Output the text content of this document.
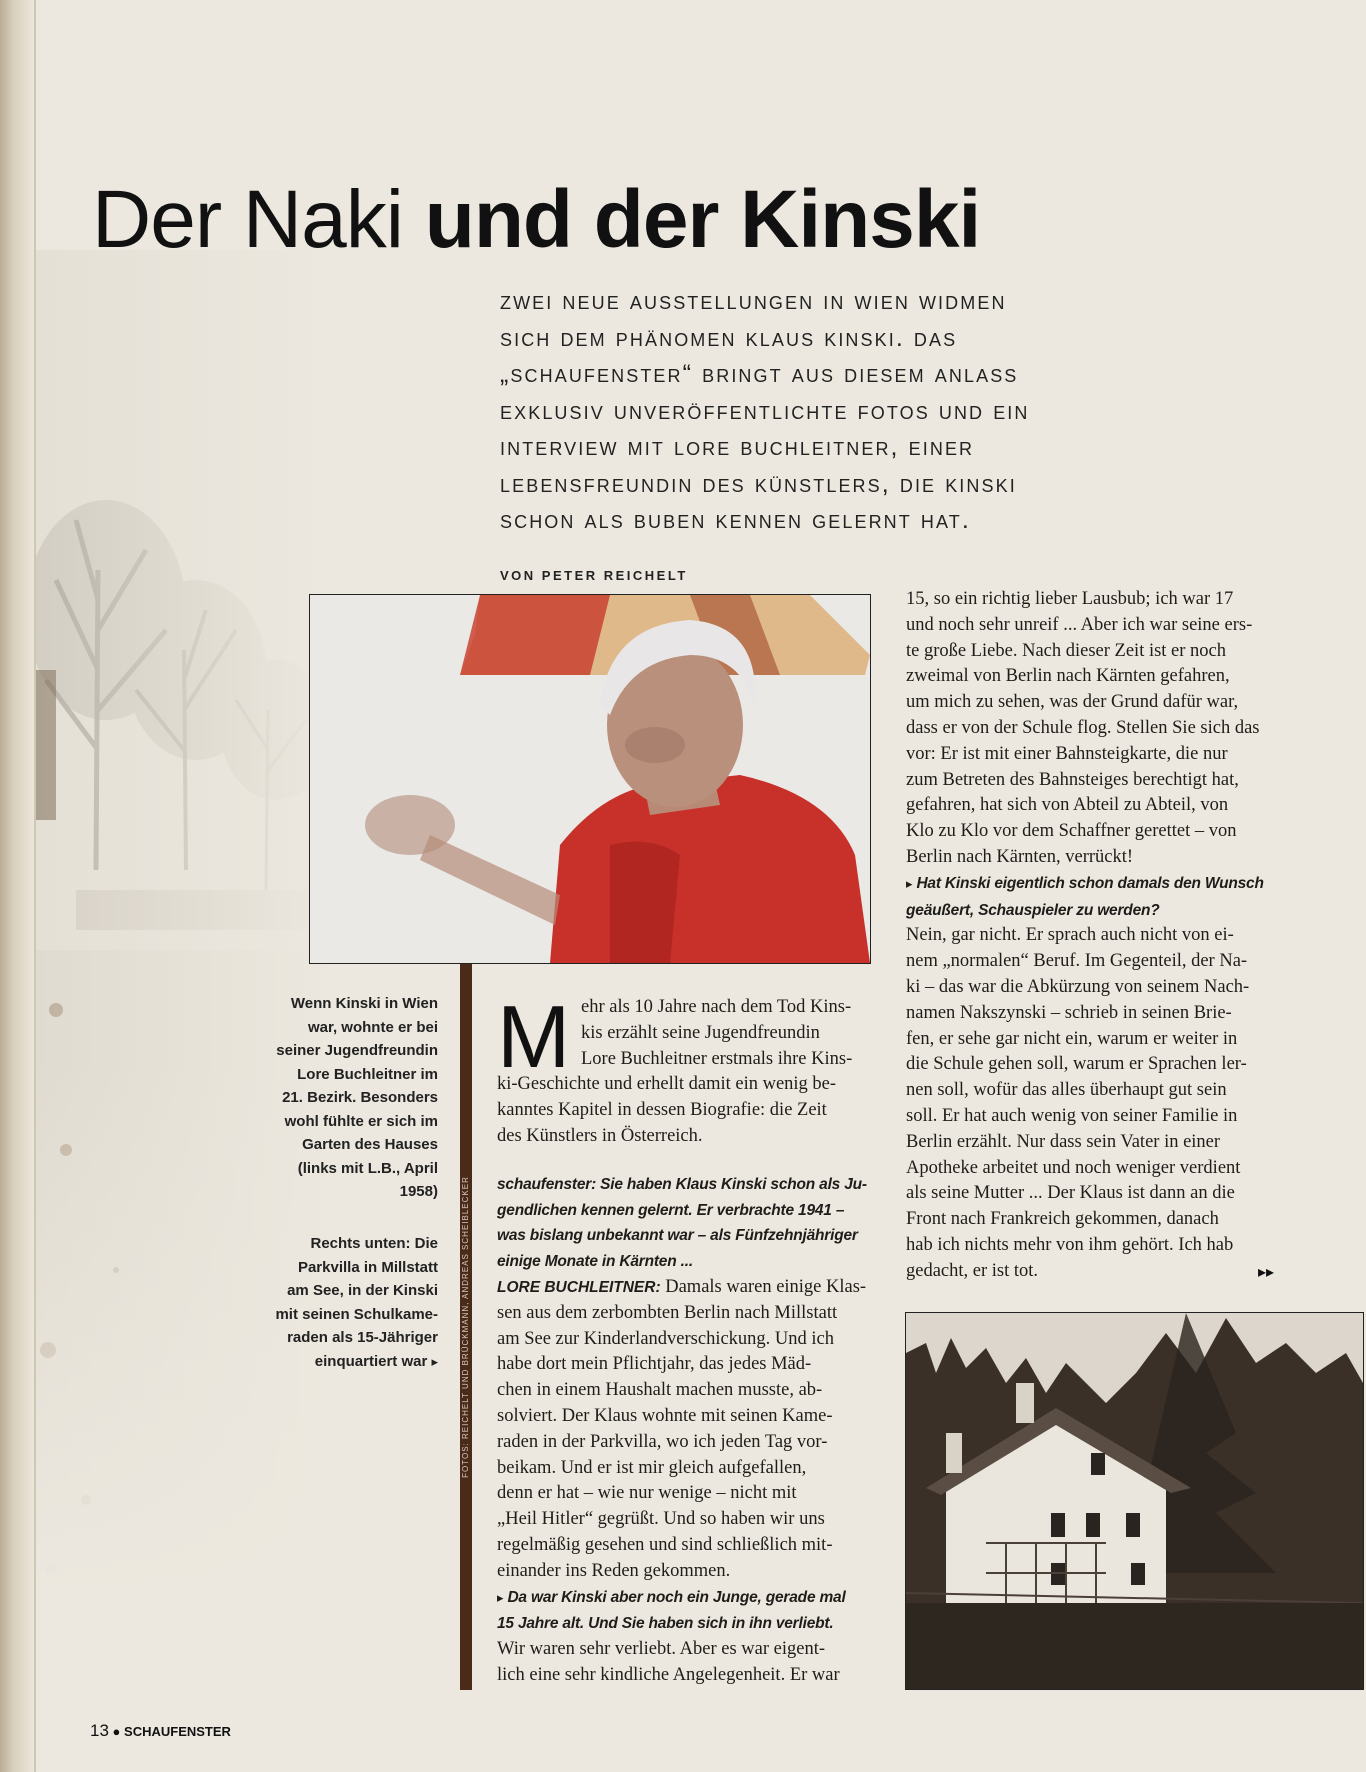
Der Naki und der Kinski
zwei neue ausstellungen in wien widmen
sich dem phänomen klaus kinski. das
„schaufenster“ bringt aus diesem anlass
exklusiv unveröffentlichte fotos und ein
interview mit lore buchleitner, einer
lebensfreundin des künstlers, die kinski
schon als buben kennen gelernt hat.
VON PETER REICHELT
FOTOS: REICHELT UND BRÜCKMANN, ANDREAS SCHEIBLECKER
Wenn Kinski in Wien
war, wohnte er bei
seiner Jugendfreundin
Lore Buchleitner im
21. Bezirk. Besonders
wohl fühlte er sich im
Garten des Hauses
(links mit L.B., April
1958)
Rechts unten: Die
Parkvilla in Millstatt
am See, in der Kinski
mit seinen Schulkame-
raden als 15-Jähriger
einquartiert war ▸
M ehr als 10 Jahre nach dem Tod Kins-
kis erzählt seine Jugendfreundin
Lore Buchleitner erstmals ihre Kins-
ki-Geschichte und erhellt damit ein wenig be-
kanntes Kapitel in dessen Biografie: die Zeit
des Künstlers in Österreich.
schaufenster: Sie haben Klaus Kinski schon als Ju-
gendlichen kennen gelernt. Er verbrachte 1941 –
was bislang unbekannt war – als Fünfzehnjähriger
einige Monate in Kärnten ...
LORE BUCHLEITNER: Damals waren einige Klas-
sen aus dem zerbombten Berlin nach Millstatt
am See zur Kinderlandverschickung. Und ich
habe dort mein Pflichtjahr, das jedes Mäd-
chen in einem Haushalt machen musste, ab-
solviert. Der Klaus wohnte mit seinen Kame-
raden in der Parkvilla, wo ich jeden Tag vor-
beikam. Und er ist mir gleich aufgefallen,
denn er hat – wie nur wenige – nicht mit
„Heil Hitler“ gegrüßt. Und so haben wir uns
regelmäßig gesehen und sind schließlich mit-
einander ins Reden gekommen.
▸ Da war Kinski aber noch ein Junge, gerade mal
15 Jahre alt. Und Sie haben sich in ihn verliebt.
Wir waren sehr verliebt. Aber es war eigent-
lich eine sehr kindliche Angelegenheit. Er war
15, so ein richtig lieber Lausbub; ich war 17
und noch sehr unreif ... Aber ich war seine ers-
te große Liebe. Nach dieser Zeit ist er noch
zweimal von Berlin nach Kärnten gefahren,
um mich zu sehen, was der Grund dafür war,
dass er von der Schule flog. Stellen Sie sich das
vor: Er ist mit einer Bahnsteigkarte, die nur
zum Betreten des Bahnsteiges berechtigt hat,
gefahren, hat sich von Abteil zu Abteil, von
Klo zu Klo vor dem Schaffner gerettet – von
Berlin nach Kärnten, verrückt!
▸ Hat Kinski eigentlich schon damals den Wunsch
geäußert, Schauspieler zu werden?
Nein, gar nicht. Er sprach auch nicht von ei-
nem „normalen“ Beruf. Im Gegenteil, der Na-
ki – das war die Abkürzung von seinem Nach-
namen Nakszynski – schrieb in seinen Brie-
fen, er sehe gar nicht ein, warum er weiter in
die Schule gehen soll, warum er Sprachen ler-
nen soll, wofür das alles überhaupt gut sein
soll. Er hat auch wenig von seiner Familie in
Berlin erzählt. Nur dass sein Vater in einer
Apotheke arbeitet und noch weniger verdient
als seine Mutter ... Der Klaus ist dann an die
Front nach Frankreich gekommen, danach
hab ich nichts mehr von ihm gehört. Ich hab
gedacht, er ist tot.	▸▸
13 ● SCHAUFENSTER
